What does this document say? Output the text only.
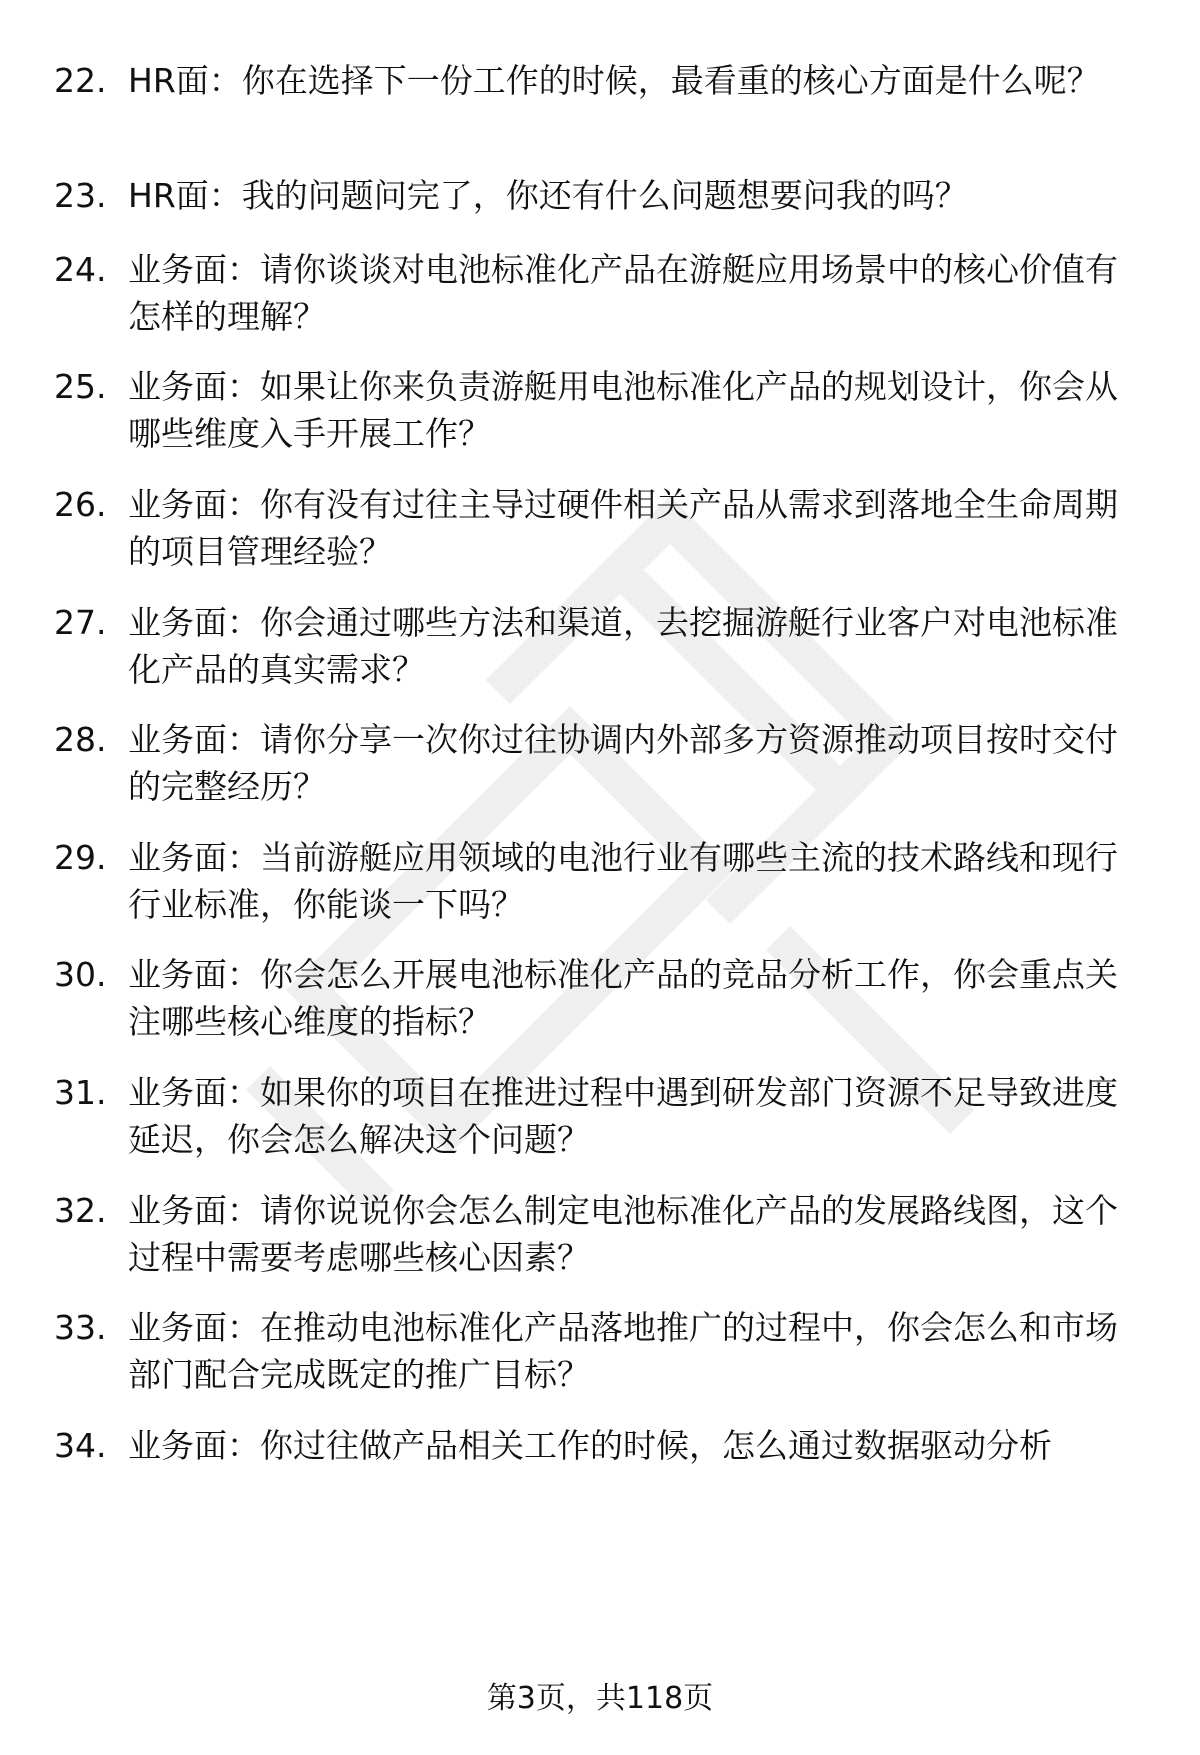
22. HR面：你在选择下一份工作的时候，最看重的核心方面是什么呢？
23. HR面：我的问题问完了，你还有什么问题想要问我的吗？
24. 业务面：请你谈谈对电池标准化产品在游艇应用场景中的核心价值有怎样的理解？
25. 业务面：如果让你来负责游艇用电池标准化产品的规划设计，你会从哪些维度入手开展工作？
26. 业务面：你有没有过往主导过硬件相关产品从需求到落地全生命周期的项目管理经验？
27. 业务面：你会通过哪些方法和渠道，去挖掘游艇行业客户对电池标准化产品的真实需求？
28. 业务面：请你分享一次你过往协调内外部多方资源推动项目按时交付的完整经历？
29. 业务面：当前游艇应用领域的电池行业有哪些主流的技术路线和现行行业标准，你能谈一下吗？
30. 业务面：你会怎么开展电池标准化产品的竞品分析工作，你会重点关注哪些核心维度的指标？
31. 业务面：如果你的项目在推进过程中遇到研发部门资源不足导致进度延迟，你会怎么解决这个问题？
32. 业务面：请你说说你会怎么制定电池标准化产品的发展路线图，这个过程中需要考虑哪些核心因素？
33. 业务面：在推动电池标准化产品落地推广的过程中，你会怎么和市场部门配合完成既定的推广目标？
34. 业务面：你过往做产品相关工作的时候，怎么通过数据驱动分析
第3页，共118页
